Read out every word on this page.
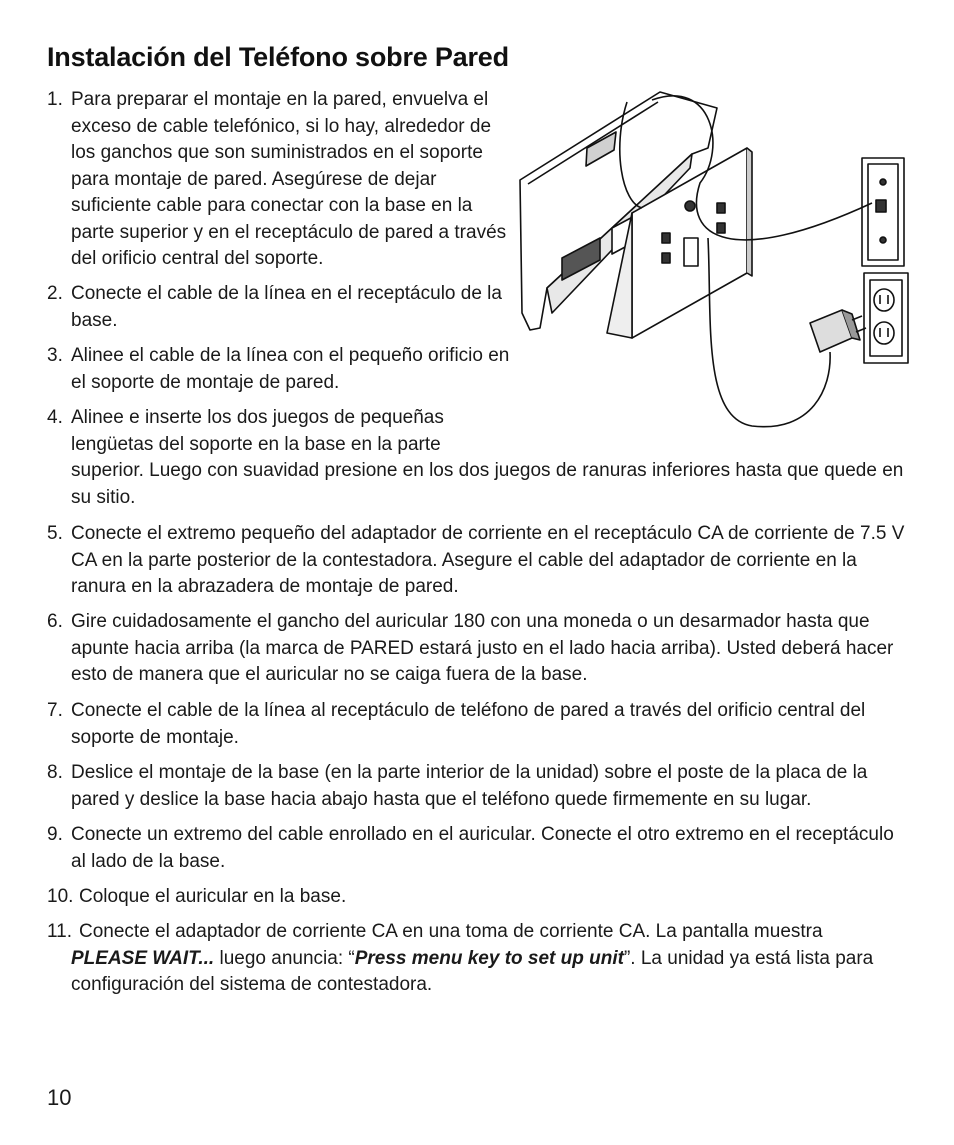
Instalación del Teléfono sobre Pared
1. Para preparar el montaje en la pared, envuelva el exceso de cable telefónico, si lo hay, alrededor de los ganchos que son suministrados en el soporte para montaje de pared. Asegúrese de dejar suficiente cable para conectar con la base en la parte superior y en el receptáculo de pared a través del orificio central del soporte.
2. Conecte el cable de la línea en el receptáculo de la base.
3. Alinee el cable de la línea con el pequeño orificio en el soporte de montaje de pared.
4. Alinee e inserte los dos juegos de pequeñas lengüetas del soporte en la base en la parte
superior. Luego con suavidad presione en los dos juegos de ranuras inferiores hasta que quede en su sitio.
5. Conecte el extremo pequeño del adaptador de corriente en el receptáculo CA de corriente de 7.5 V CA en la parte posterior de la contestadora. Asegure el cable del adaptador de corriente en la ranura en la abrazadera de montaje de pared.
6. Gire cuidadosamente el gancho del auricular 180 con una moneda o un desarmador hasta que apunte hacia arriba (la marca de PARED estará justo en el lado hacia arriba). Usted deberá hacer esto de manera que el auricular no se caiga fuera de la base.
7. Conecte el cable de la línea al receptáculo de teléfono de pared a través del orificio central del soporte de montaje.
8. Deslice el montaje de la base (en la parte interior de la unidad) sobre el poste de la placa de la pared y deslice la base hacia abajo hasta que el teléfono quede firmemente en su lugar.
9. Conecte un extremo del cable enrollado en el auricular. Conecte el otro extremo en el receptáculo al lado de la base.
10. Coloque el auricular en la base.
11. Conecte el adaptador de corriente CA en una toma de corriente CA. La pantalla muestra
PLEASE WAIT... luego anuncia: “Press menu key to set up unit”. La unidad ya está lista para configuración del sistema de contestadora.
10
